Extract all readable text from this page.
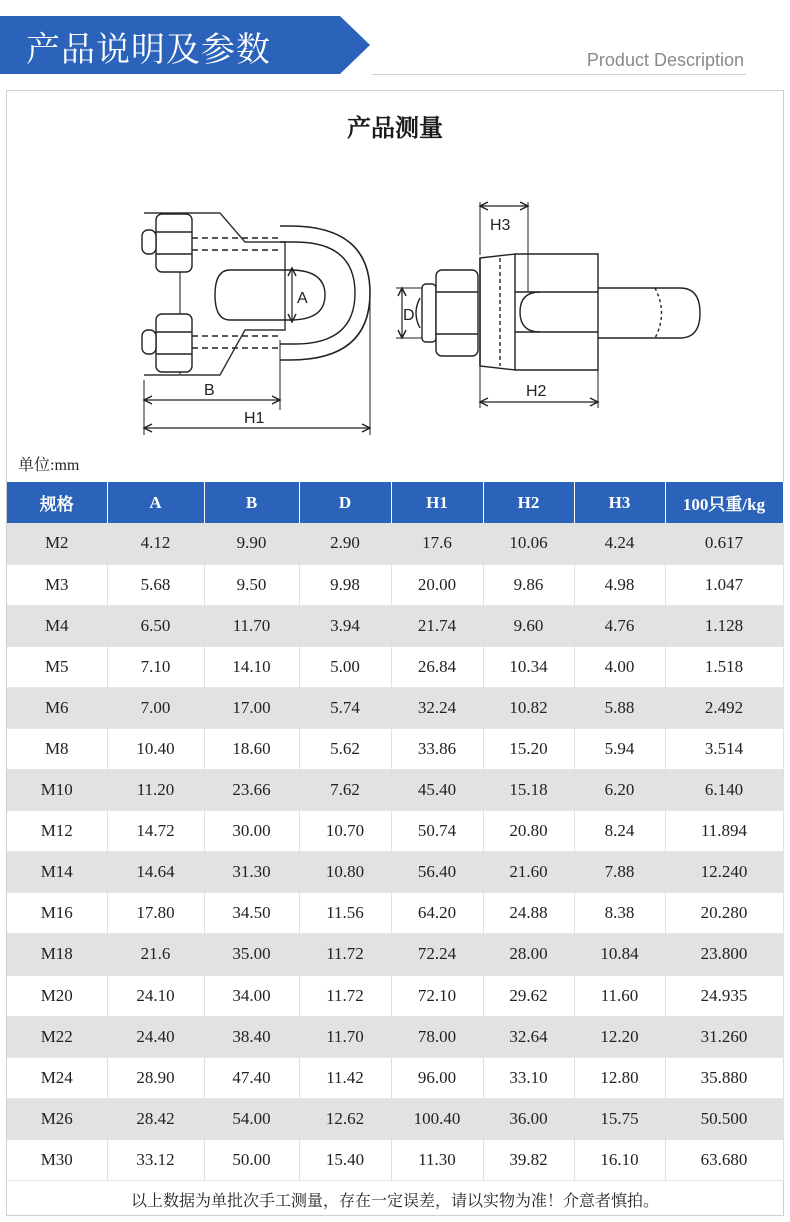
产品说明及参数	Product Description
产品测量
A
B
H1
D
H3
H2
单位:mm
规格	A	B	D	H1	H2	H3	100只重/kg
M2	4.12	9.90	2.90	17.6	10.06	4.24	0.617
M3	5.68	9.50	9.98	20.00	9.86	4.98	1.047
M4	6.50	11.70	3.94	21.74	9.60	4.76	1.128
M5	7.10	14.10	5.00	26.84	10.34	4.00	1.518
M6	7.00	17.00	5.74	32.24	10.82	5.88	2.492
M8	10.40	18.60	5.62	33.86	15.20	5.94	3.514
M10	11.20	23.66	7.62	45.40	15.18	6.20	6.140
M12	14.72	30.00	10.70	50.74	20.80	8.24	11.894
M14	14.64	31.30	10.80	56.40	21.60	7.88	12.240
M16	17.80	34.50	11.56	64.20	24.88	8.38	20.280
M18	21.6	35.00	11.72	72.24	28.00	10.84	23.800
M20	24.10	34.00	11.72	72.10	29.62	11.60	24.935
M22	24.40	38.40	11.70	78.00	32.64	12.20	31.260
M24	28.90	47.40	11.42	96.00	33.10	12.80	35.880
M26	28.42	54.00	12.62	100.40	36.00	15.75	50.500
M30	33.12	50.00	15.40	11.30	39.82	16.10	63.680
以上数据为单批次手工测量，存在一定误差，请以实物为准！介意者慎拍。
